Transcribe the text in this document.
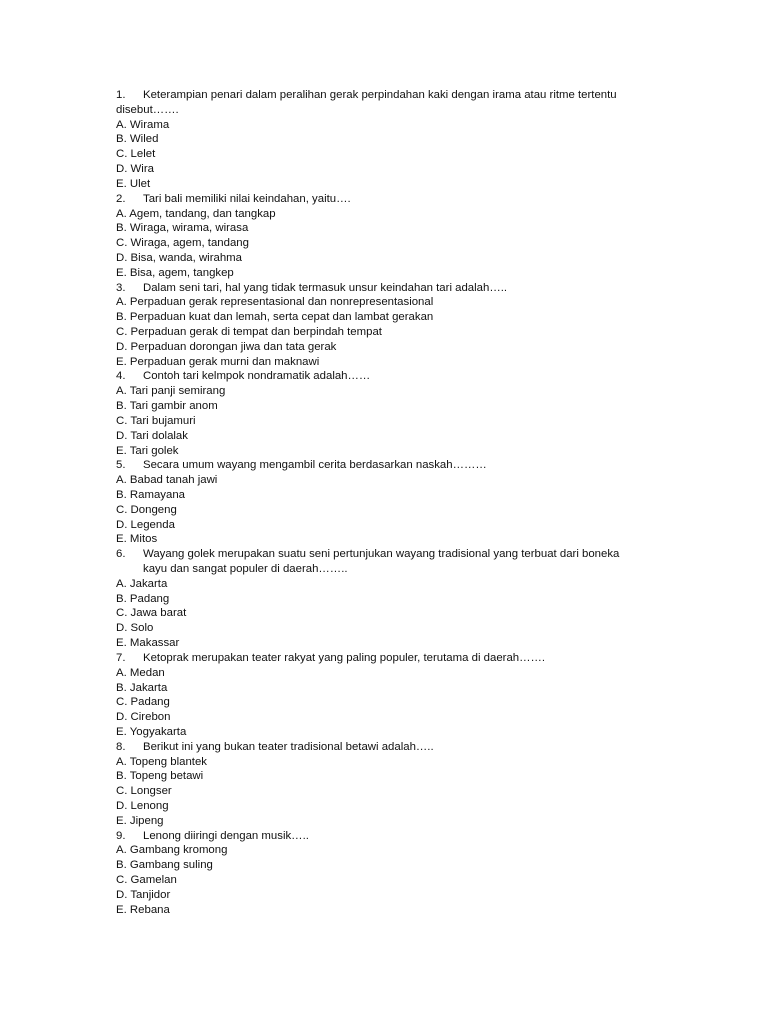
1. Keterampian penari dalam peralihan gerak perpindahan kaki dengan irama atau ritme tertentu
disebut…….
A. Wirama
B. Wiled
C. Lelet
D. Wira
E. Ulet
2. Tari bali memiliki nilai keindahan, yaitu….
A. Agem, tandang, dan tangkap
B. Wiraga, wirama, wirasa
C. Wiraga, agem, tandang
D. Bisa, wanda, wirahma
E. Bisa, agem, tangkep
3. Dalam seni tari, hal yang tidak termasuk unsur keindahan tari adalah…..
A. Perpaduan gerak representasional dan nonrepresentasional
B. Perpaduan kuat dan lemah, serta cepat dan lambat gerakan
C. Perpaduan gerak di tempat dan berpindah tempat
D. Perpaduan dorongan jiwa dan tata gerak
E. Perpaduan gerak murni dan maknawi
4. Contoh tari kelmpok nondramatik adalah……
A. Tari panji semirang
B. Tari gambir anom
C. Tari bujamuri
D. Tari dolalak
E. Tari golek
5. Secara umum wayang mengambil cerita berdasarkan naskah………
A. Babad tanah jawi
B. Ramayana
C. Dongeng
D. Legenda
E. Mitos
6. Wayang golek merupakan suatu seni pertunjukan wayang tradisional yang terbuat dari boneka
kayu dan sangat populer di daerah……..
A. Jakarta
B. Padang
C. Jawa barat
D. Solo
E. Makassar
7. Ketoprak merupakan teater rakyat yang paling populer, terutama di daerah…….
A. Medan
B. Jakarta
C. Padang
D. Cirebon
E. Yogyakarta
8. Berikut ini yang bukan teater tradisional betawi adalah…..
A. Topeng blantek
B. Topeng betawi
C. Longser
D. Lenong
E. Jipeng
9. Lenong diiringi dengan musik…..
A. Gambang kromong
B. Gambang suling
C. Gamelan
D. Tanjidor
E. Rebana
